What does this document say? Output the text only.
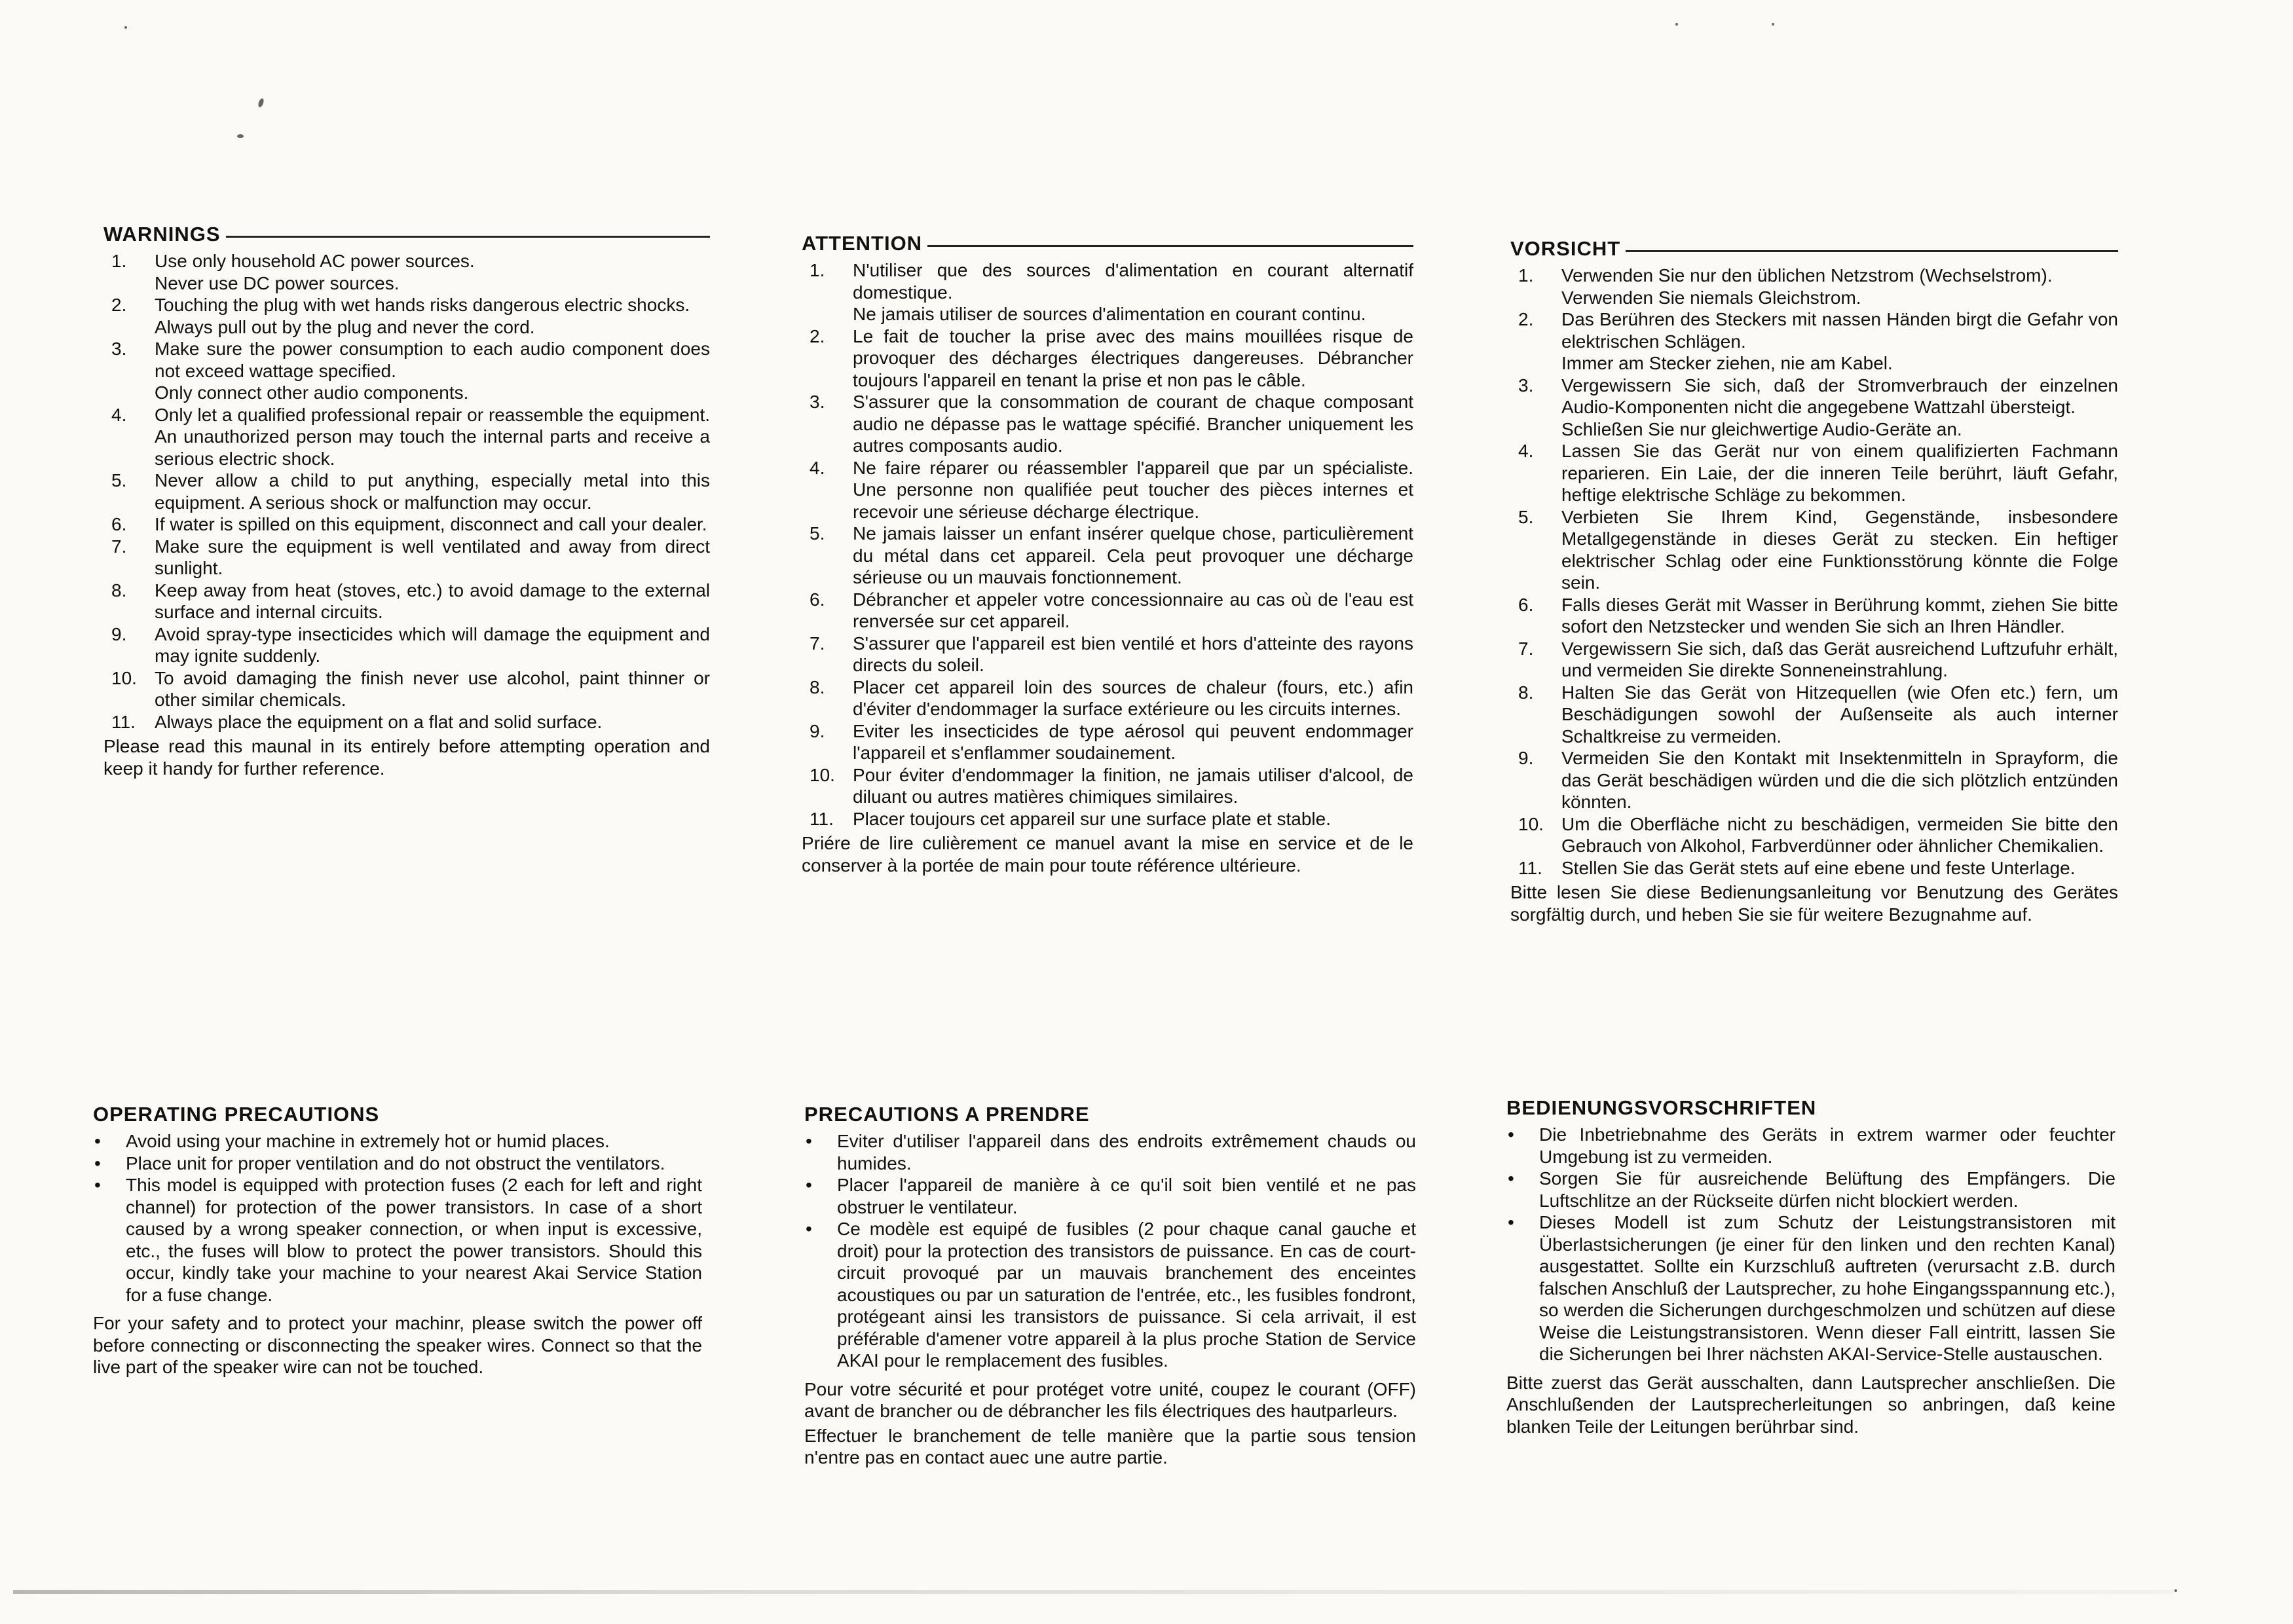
WARNINGS
1.	Use only household AC power sources.
Never use DC power sources.
2.	Touching the plug with wet hands risks dangerous electric shocks.
Always pull out by the plug and never the cord.
3.	Make sure the power consumption to each audio component does not exceed wattage specified.
Only connect other audio components.
4.	Only let a qualified professional repair or reassemble the equipment. An unauthorized person may touch the internal parts and receive a serious electric shock.
5.	Never allow a child to put anything, especially metal into this equipment. A serious shock or malfunction may occur.
6.	If water is spilled on this equipment, disconnect and call your dealer.
7.	Make sure the equipment is well ventilated and away from direct sunlight.
8.	Keep away from heat (stoves, etc.) to avoid damage to the external surface and internal circuits.
9.	Avoid spray-type insecticides which will damage the equipment and may ignite suddenly.
10. To avoid damaging the finish never use alcohol, paint thinner or other similar chemicals.
11.	Always place the equipment on a flat and solid surface.
Please read this maunal in its entirely before attempting operation and keep it handy for further reference.
ATTENTION
1.	N'utiliser que des sources d'alimentation en courant alternatif domestique.
Ne jamais utiliser de sources d'alimentation en courant continu.
2.	Le fait de toucher la prise avec des mains mouillées risque de provoquer des décharges électriques dangereuses. Débrancher toujours l'appareil en tenant la prise et non pas le câble.
3.	S'assurer que la consommation de courant de chaque composant audio ne dépasse pas le wattage spécifié. Brancher uniquement les autres composants audio.
4.	Ne faire réparer ou réassembler l'appareil que par un spécialiste. Une personne non qualifiée peut toucher des pièces internes et recevoir une sérieuse décharge électrique.
5.	Ne jamais laisser un enfant insérer quelque chose, particulièrement du métal dans cet appareil. Cela peut provoquer une décharge sérieuse ou un mauvais fonctionnement.
6.	Débrancher et appeler votre concessionnaire au cas où de l'eau est renversée sur cet appareil.
7.	S'assurer que l'appareil est bien ventilé et hors d'atteinte des rayons directs du soleil.
8.	Placer cet appareil loin des sources de chaleur (fours, etc.) afin d'éviter d'endommager la surface extérieure ou les circuits internes.
9.	Eviter les insecticides de type aérosol qui peuvent endommager l'appareil et s'enflammer soudainement.
10. Pour éviter d'endommager la finition, ne jamais utiliser d'alcool, de diluant ou autres matières chimiques similaires.
11.	Placer toujours cet appareil sur une surface plate et stable.
Priére de lire culièrement ce manuel avant la mise en service et de le conserver à la portée de main pour toute référence ultérieure.
VORSICHT
1.	Verwenden Sie nur den üblichen Netzstrom (Wechselstrom).
Verwenden Sie niemals Gleichstrom.
2.	Das Berühren des Steckers mit nassen Händen birgt die Gefahr von elektrischen Schlägen.
Immer am Stecker ziehen, nie am Kabel.
3.	Vergewissern Sie sich, daß der Stromverbrauch der einzelnen Audio-Komponenten nicht die angegebene Wattzahl übersteigt.
Schließen Sie nur gleichwertige Audio-Geräte an.
4.	Lassen Sie das Gerät nur von einem qualifizierten Fachmann reparieren. Ein Laie, der die inneren Teile berührt, läuft Gefahr, heftige elektrische Schläge zu bekommen.
5.	Verbieten Sie Ihrem Kind, Gegenstände, insbesondere Metallgegenstände in dieses Gerät zu stecken. Ein heftiger elektrischer Schlag oder eine Funktionsstörung könnte die Folge sein.
6.	Falls dieses Gerät mit Wasser in Berührung kommt, ziehen Sie bitte sofort den Netzstecker und wenden Sie sich an Ihren Händler.
7.	Vergewissern Sie sich, daß das Gerät ausreichend Luftzufuhr erhält, und vermeiden Sie direkte Sonneneinstrahlung.
8.	Halten Sie das Gerät von Hitzequellen (wie Ofen etc.) fern, um Beschädigungen sowohl der Außenseite als auch interner Schaltkreise zu vermeiden.
9.	Vermeiden Sie den Kontakt mit Insektenmitteln in Sprayform, die das Gerät beschädigen würden und die die sich plötzlich entzünden könnten.
10. Um die Oberfläche nicht zu beschädigen, vermeiden Sie bitte den Gebrauch von Alkohol, Farbverdünner oder ähnlicher Chemikalien.
11.	Stellen Sie das Gerät stets auf eine ebene und feste Unterlage.
Bitte lesen Sie diese Bedienungsanleitung vor Benutzung des Gerätes sorgfältig durch, und heben Sie sie für weitere Bezugnahme auf.
OPERATING PRECAUTIONS
• Avoid using your machine in extremely hot or humid places.
• Place unit for proper ventilation and do not obstruct the ventilators.
• This model is equipped with protection fuses (2 each for left and right channel) for protection of the power transistors. In case of a short caused by a wrong speaker connection, or when input is excessive, etc., the fuses will blow to protect the power transistors. Should this occur, kindly take your machine to your nearest Akai Service Station for a fuse change.
For your safety and to protect your machinr, please switch the power off before connecting or disconnecting the speaker wires. Connect so that the live part of the speaker wire can not be touched.
PRECAUTIONS A PRENDRE
• Eviter d'utiliser l'appareil dans des endroits extrêmement chauds ou humides.
• Placer l'appareil de manière à ce qu'il soit bien ventilé et ne pas obstruer le ventilateur.
• Ce modèle est equipé de fusibles (2 pour chaque canal gauche et droit) pour la protection des transistors de puissance. En cas de court-circuit provoqué par un mauvais branchement des enceintes acoustiques ou par un saturation de l'entrée, etc., les fusibles fondront, protégeant ainsi les transistors de puissance. Si cela arrivait, il est préférable d'amener votre appareil à la plus proche Station de Service AKAI pour le remplacement des fusibles.
Pour votre sécurité et pour protéget votre unité, coupez le courant (OFF) avant de brancher ou de débrancher les fils électriques des hautparleurs.
Effectuer le branchement de telle manière que la partie sous tension n'entre pas en contact auec une autre partie.
BEDIENUNGSVORSCHRIFTEN
• Die Inbetriebnahme des Geräts in extrem warmer oder feuchter Umgebung ist zu vermeiden.
• Sorgen Sie für ausreichende Belüftung des Empfängers. Die Luftschlitze an der Rückseite dürfen nicht blockiert werden.
• Dieses Modell ist zum Schutz der Leistungstransistoren mit Überlastsicherungen (je einer für den linken und den rechten Kanal) ausgestattet. Sollte ein Kurzschluß auftreten (verursacht z.B. durch falschen Anschluß der Lautsprecher, zu hohe Eingangsspannung etc.), so werden die Sicherungen durchgeschmolzen und schützen auf diese Weise die Leistungstransistoren. Wenn dieser Fall eintritt, lassen Sie die Sicherungen bei Ihrer nächsten AKAI-Service-Stelle austauschen.
Bitte zuerst das Gerät ausschalten, dann Lautsprecher anschließen. Die Anschlußenden der Lautsprecherleitungen so anbringen, daß keine blanken Teile der Leitungen berührbar sind.
